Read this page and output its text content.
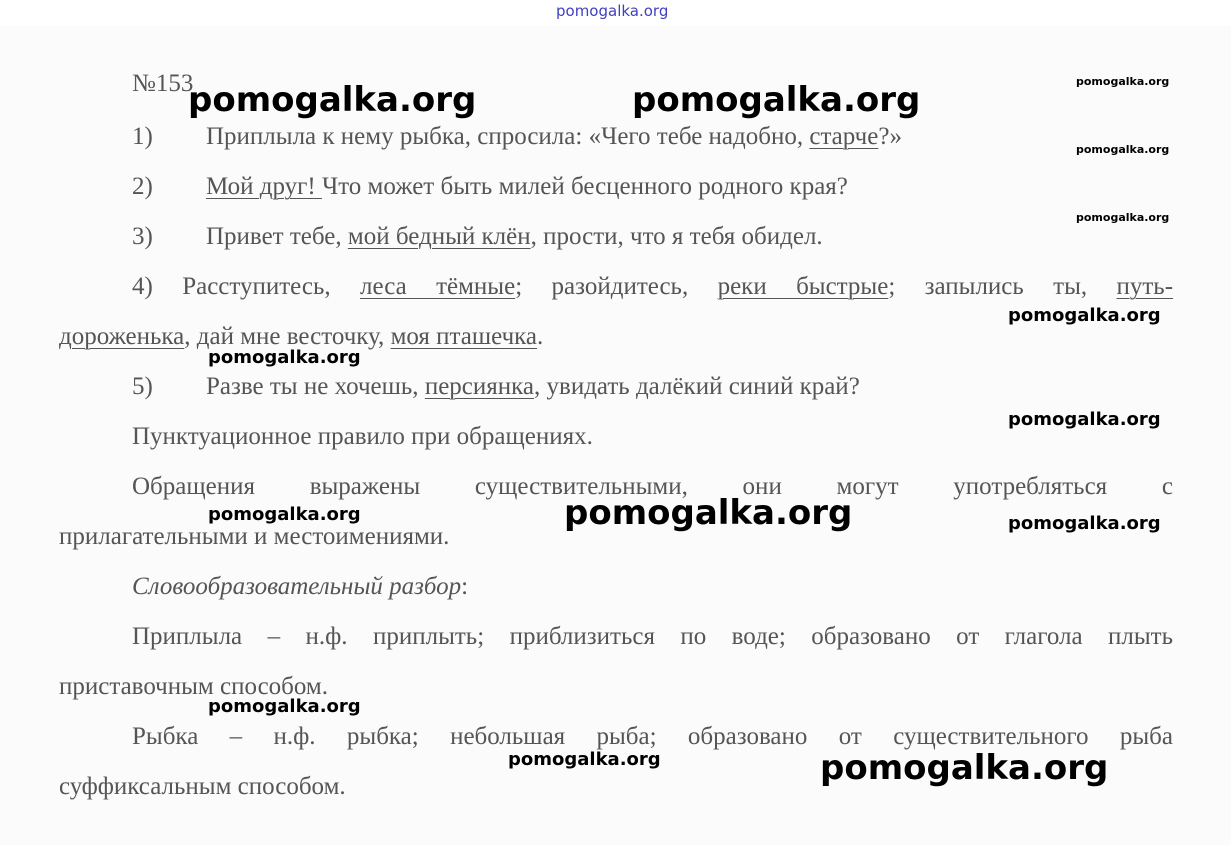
pomogalka.org
№153
1) Приплыла к нему рыбка, спросила: «Чего тебе надобно, старче?»
2) Мой друг! Что может быть милей бесценного родного края?
3) Привет тебе, мой бедный клён, прости, что я тебя обидел.
4) Расступитесь, леса тёмные; разойдитесь, реки быстрые; запылись ты, путь-
дороженька, дай мне весточку, моя пташечка.
5) Разве ты не хочешь, персиянка, увидать далёкий синий край?
Пунктуационное правило при обращениях.
Обращения выражены существительными, они могут употребляться с
прилагательными и местоимениями.
Словообразовательный разбор:
Приплыла – н.ф. приплыть; приблизиться по воде; образовано от глагола плыть
приставочным способом.
Рыбка – н.ф. рыбка; небольшая рыба; образовано от существительного рыба
суффиксальным способом.
pomogalka.org	pomogalka.org	pomogalka.org
pomogalka.org
pomogalka.org
pomogalka.org
pomogalka.org
pomogalka.org
pomogalka.org	pomogalka.org	pomogalka.org
pomogalka.org
pomogalka.org	pomogalka.org
